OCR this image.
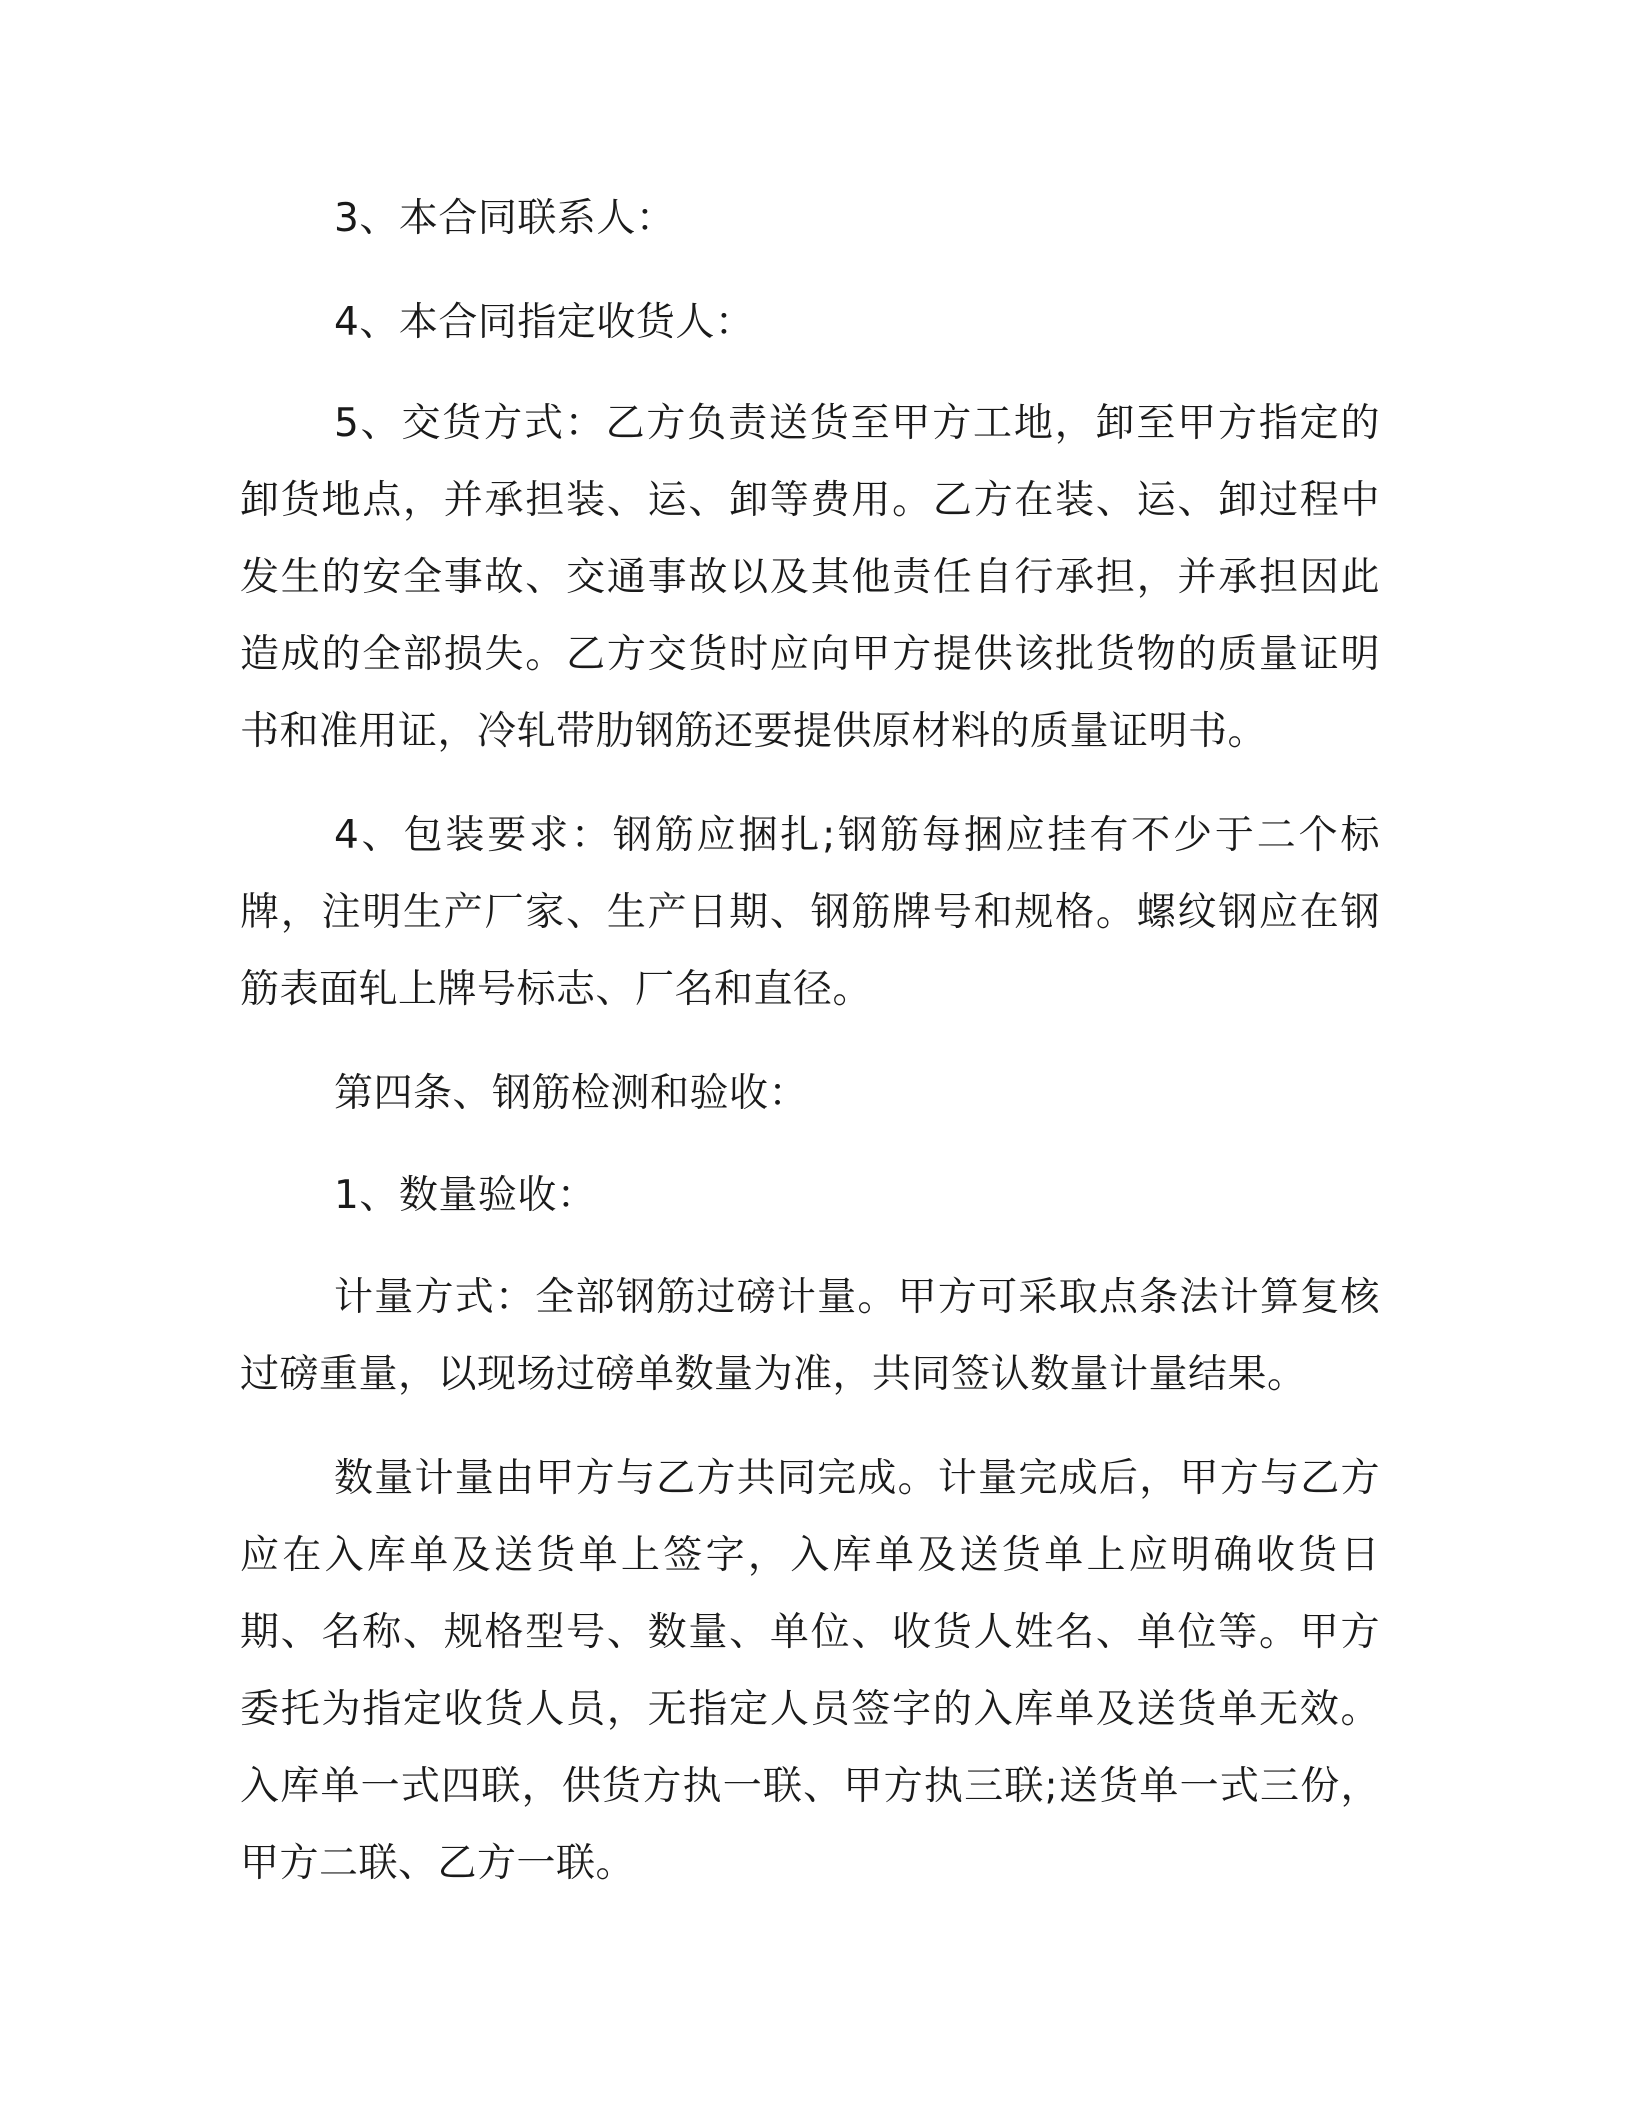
3、本合同联系人：

4、本合同指定收货人：

5、交货方式：乙方负责送货至甲方工地，卸至甲方指定的卸货地点，并承担装、运、卸等费用。乙方在装、运、卸过程中发生的安全事故、交通事故以及其他责任自行承担，并承担因此造成的全部损失。乙方交货时应向甲方提供该批货物的质量证明书和准用证，冷轧带肋钢筋还要提供原材料的质量证明书。

4、包装要求：钢筋应捆扎;钢筋每捆应挂有不少于二个标牌，注明生产厂家、生产日期、钢筋牌号和规格。螺纹钢应在钢筋表面轧上牌号标志、厂名和直径。

第四条、钢筋检测和验收：

1、数量验收：

计量方式：全部钢筋过磅计量。甲方可采取点条法计算复核过磅重量，以现场过磅单数量为准，共同签认数量计量结果。

数量计量由甲方与乙方共同完成。计量完成后，甲方与乙方应在入库单及送货单上签字，入库单及送货单上应明确收货日期、名称、规格型号、数量、单位、收货人姓名、单位等。甲方委托为指定收货人员，无指定人员签字的入库单及送货单无效。入库单一式四联，供货方执一联、甲方执三联;送货单一式三份，甲方二联、乙方一联。
